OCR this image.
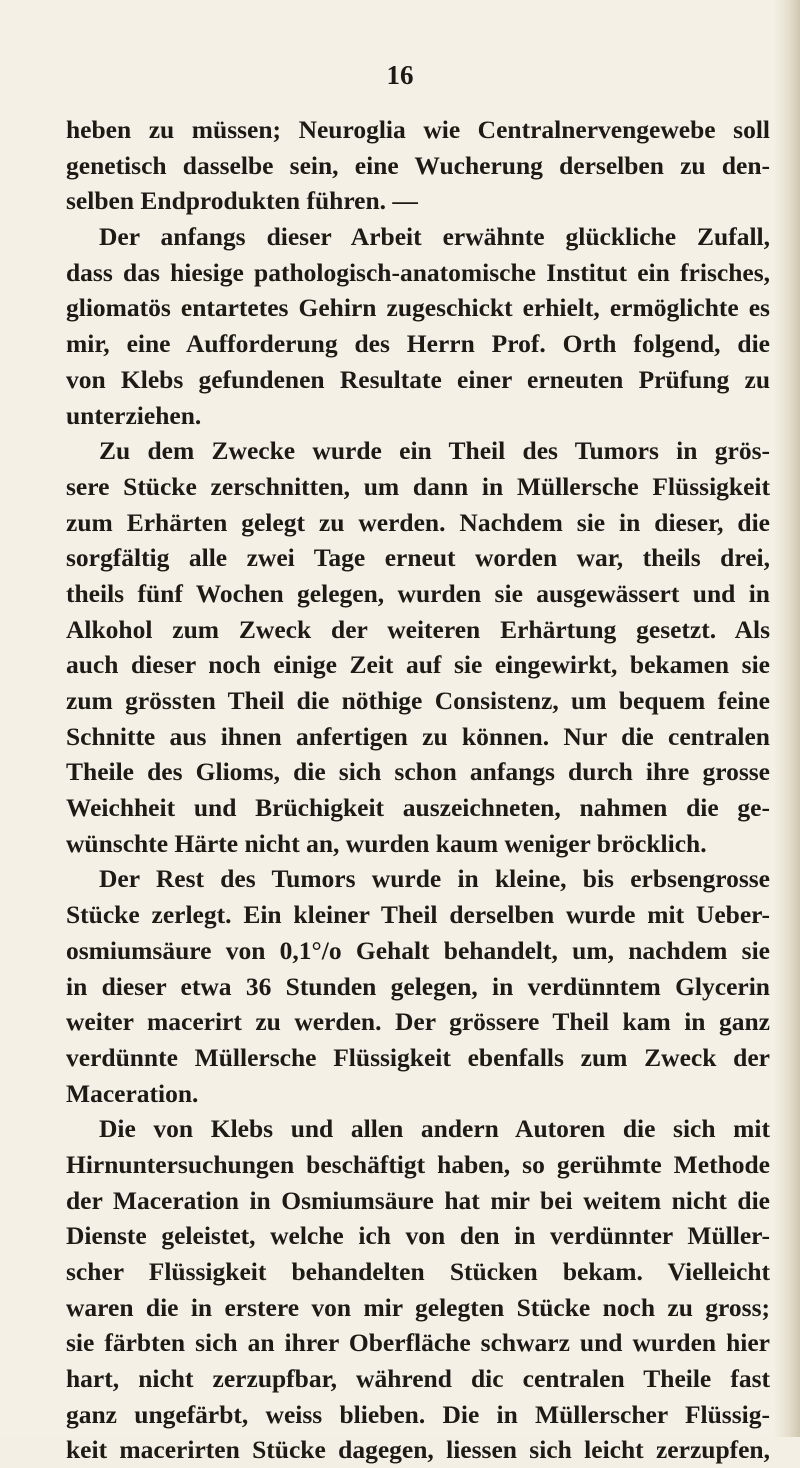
16
heben zu müssen; Neuroglia wie Centralnervengewebe soll
genetisch dasselbe sein, eine Wucherung derselben zu den-
selben Endprodukten führen. —
Der anfangs dieser Arbeit erwähnte glückliche Zufall,
dass das hiesige pathologisch-anatomische Institut ein frisches,
gliomatös entartetes Gehirn zugeschickt erhielt, ermöglichte es
mir, eine Aufforderung des Herrn Prof. Orth folgend, die
von Klebs gefundenen Resultate einer erneuten Prüfung zu
unterziehen.
Zu dem Zwecke wurde ein Theil des Tumors in grös-
sere Stücke zerschnitten, um dann in Müllersche Flüssigkeit
zum Erhärten gelegt zu werden. Nachdem sie in dieser, die
sorgfältig alle zwei Tage erneut worden war, theils drei,
theils fünf Wochen gelegen, wurden sie ausgewässert und in
Alkohol zum Zweck der weiteren Erhärtung gesetzt. Als
auch dieser noch einige Zeit auf sie eingewirkt, bekamen sie
zum grössten Theil die nöthige Consistenz, um bequem feine
Schnitte aus ihnen anfertigen zu können. Nur die centralen
Theile des Glioms, die sich schon anfangs durch ihre grosse
Weichheit und Brüchigkeit auszeichneten, nahmen die ge-
wünschte Härte nicht an, wurden kaum weniger bröcklich.
Der Rest des Tumors wurde in kleine, bis erbsengrosse
Stücke zerlegt. Ein kleiner Theil derselben wurde mit Ueber-
osmiumsäure von 0,1°/o Gehalt behandelt, um, nachdem sie
in dieser etwa 36 Stunden gelegen, in verdünntem Glycerin
weiter macerirt zu werden. Der grössere Theil kam in ganz
verdünnte Müllersche Flüssigkeit ebenfalls zum Zweck der
Maceration.
Die von Klebs und allen andern Autoren die sich mit
Hirnuntersuchungen beschäftigt haben, so gerühmte Methode
der Maceration in Osmiumsäure hat mir bei weitem nicht die
Dienste geleistet, welche ich von den in verdünnter Müller-
scher Flüssigkeit behandelten Stücken bekam. Vielleicht
waren die in erstere von mir gelegten Stücke noch zu gross;
sie färbten sich an ihrer Oberfläche schwarz und wurden hier
hart, nicht zerzupfbar, während dic centralen Theile fast
ganz ungefärbt, weiss blieben. Die in Müllerscher Flüssig-
keit macerirten Stücke dagegen, liessen sich leicht zerzupfen,
